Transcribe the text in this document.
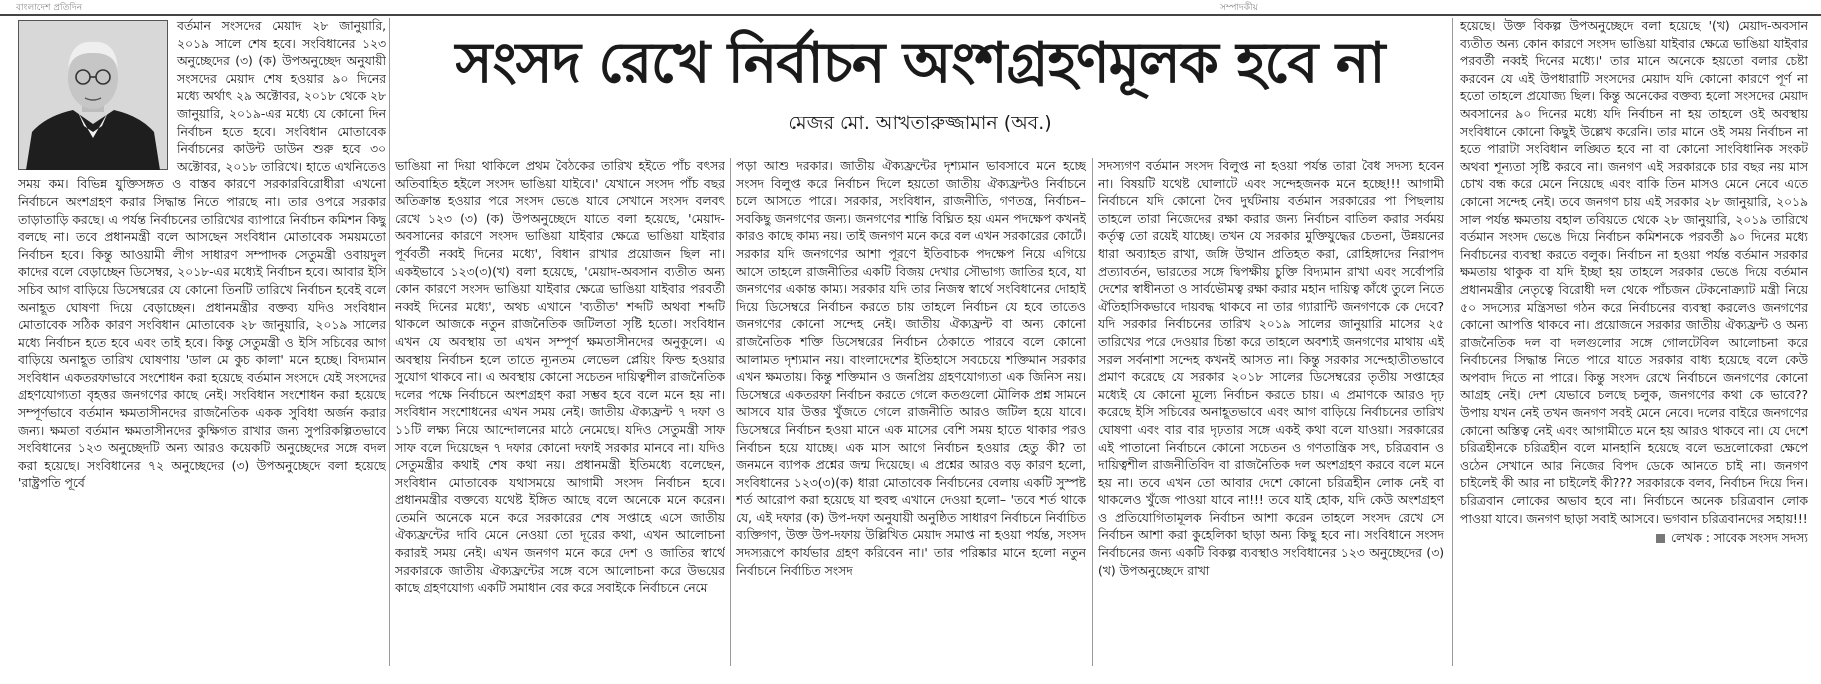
বাংলাদেশ প্রতিদিন	সম্পাদকীয়

বর্তমান সংসদের মেয়াদ ২৮ জানুয়ারি, ২০১৯ সালে শেষ হবে। সংবিধানের ১২৩ অনুচ্ছেদের (৩) (ক) উপঅনুচ্ছেদ অনুযায়ী সংসদের মেয়াদ শেষ হওয়ার ৯০ দিনের মধ্যে অর্থাৎ ২৯ অক্টোবর, ২০১৮ থেকে ২৮ জানুয়ারি, ২০১৯-এর মধ্যে যে কোনো দিন নির্বাচন হতে হবে। সংবিধান মোতাবেক নির্বাচনের কাউন্ট ডাউন শুরু হবে ৩০ অক্টোবর, ২০১৮ তারিখে। হাতে এখনিতেও সময় কম। বিভিন্ন যুক্তিসঙ্গত ও বাস্তব কারণে সরকারবিরোধীরা এখনো নির্বাচনে অংশগ্রহণ করার সিদ্ধান্ত নিতে পারছে না। তার ওপরে সরকার তাড়াতাড়ি করছে। এ পর্যন্ত নির্বাচনের তারিখের ব্যাপারে নির্বাচন কমিশন কিছু বলছে না। তবে প্রধানমন্ত্রী বলে আসছেন সংবিধান মোতাবেক সময়মতো নির্বাচন হবে। কিন্তু আওয়ামী লীগ সাধারণ সম্পাদক সেতুমন্ত্রী ওবায়দুল কাদের বলে বেড়াচ্ছেন ডিসেম্বর, ২০১৮-এর মধ্যেই নির্বাচন হবে। আবার ইসি সচিব আগ বাড়িয়ে ডিসেম্বরের যে কোনো তিনটি তারিখে নির্বাচন হবেই বলে অনাহূত ঘোষণা দিয়ে বেড়াচ্ছেন। প্রধানমন্ত্রীর বক্তব্য যদিও সংবিধান মোতাবেক সঠিক কারণ সংবিধান মোতাবেক ২৮ জানুয়ারি, ২০১৯ সালের মধ্যে নির্বাচন হতে হবে এবং তাই হবে। কিন্তু সেতুমন্ত্রী ও ইসি সচিবের আগ বাড়িয়ে অনাহূত তারিখ ঘোষণায় 'ডাল মে কুচ কালা' মনে হচ্ছে। বিদ্যমান সংবিধান একতরফাভাবে সংশোধন করা হয়েছে বর্তমান সংসদে যেই সংসদের গ্রহণযোগ্যতা বৃহত্তর জনগণের কাছে নেই। সংবিধান সংশোধন করা হয়েছে সম্পূর্ণভাবে বর্তমান ক্ষমতাসীনদের রাজনৈতিক একক সুবিধা অর্জন করার জন্য। ক্ষমতা বর্তমান ক্ষমতাসীনদের কুক্ষিগত রাখার জন্য সুপরিকল্পিতভাবে সংবিধানের ১২৩ অনুচ্ছেদটি অন্য আরও কয়েকটি অনুচ্ছেদের সঙ্গে বদল করা হয়েছে। সংবিধানের ৭২ অনুচ্ছেদের (৩) উপঅনুচ্ছেদে বলা হয়েছে 'রাষ্ট্রপতি পূর্বে

সংসদ রেখে নির্বাচন অংশগ্রহণমূলক হবে না
মেজর মো. আখতারুজ্জামান (অব.)

ভাঙিয়া না দিয়া থাকিলে প্রথম বৈঠকের তারিখ হইতে পাঁচ বৎসর অতিবাহিত হইলে সংসদ ভাঙিয়া যাইবে।' যেখানে সংসদ পাঁচ বছর অতিক্রান্ত হওয়ার পরে সংসদ ভেঙে যাবে সেখানে সংসদ বলবৎ রেখে ১২৩ (৩) (ক) উপঅনুচ্ছেদে যাতে বলা হয়েছে, 'মেয়াদ-অবসানের কারণে সংসদ ভাঙিয়া যাইবার ক্ষেত্রে ভাঙিয়া যাইবার পূর্ববর্তী নব্বই দিনের মধ্যে', বিধান রাখার প্রয়োজন ছিল না। একইভাবে ১২৩(৩)(খ) বলা হয়েছে, 'মেয়াদ-অবসান ব্যতীত অন্য কোন কারণে সংসদ ভাঙিয়া যাইবার ক্ষেত্রে ভাঙিয়া যাইবার পরবর্তী নব্বই দিনের মধ্যে', অথচ এখানে 'ব্যতীত' শব্দটি অথবা শব্দটি থাকলে আজকে নতুন রাজনৈতিক জটিলতা সৃষ্টি হতো। সংবিধান এখন যে অবস্থায় তা এখন সম্পূর্ণ ক্ষমতাসীনদের অনুকূলে। এ অবস্থায় নির্বাচন হলে তাতে ন্যূনতম লেভেল প্লেয়িং ফিল্ড হওয়ার সুযোগ থাকবে না। এ অবস্থায় কোনো সচেতন দায়িত্বশীল রাজনৈতিক দলের পক্ষে নির্বাচনে অংশগ্রহণ করা সম্ভব হবে বলে মনে হয় না। সংবিধান সংশোধনের এখন সময় নেই। জাতীয় ঐক্যফ্রন্ট ৭ দফা ও ১১টি লক্ষ্য নিয়ে আন্দোলনের মাঠে নেমেছে। যদিও সেতুমন্ত্রী সাফ সাফ বলে দিয়েছেন ৭ দফার কোনো দফাই সরকার মানবে না। যদিও সেতুমন্ত্রীর কথাই শেষ কথা নয়। প্রধানমন্ত্রী ইতিমধ্যে বলেছেন, সংবিধান মোতাবেক যথাসময়ে আগামী সংসদ নির্বাচন হবে। প্রধানমন্ত্রীর বক্তব্যে যথেষ্ট ইঙ্গিত আছে বলে অনেকে মনে করেন। তেমনি অনেকে মনে করে সরকারের শেষ সপ্তাহে এসে জাতীয় ঐক্যফ্রন্টের দাবি মেনে নেওয়া তো দূরের কথা, এখন আলোচনা করারই সময় নেই। এখন জনগণ মনে করে দেশ ও জাতির স্বার্থে সরকারকে জাতীয় ঐক্যফ্রন্টের সঙ্গে বসে আলোচনা করে উভয়ের কাছে গ্রহণযোগ্য একটি সমাধান বের করে সবাইকে নির্বাচনে নেমে

পড়া আশু দরকার। জাতীয় ঐক্যফ্রন্টের দৃশ্যমান ভাবসাবে মনে হচ্ছে সংসদ বিলুপ্ত করে নির্বাচন দিলে হয়তো জাতীয় ঐক্যফ্রন্টও নির্বাচনে চলে আসতে পারে। সরকার, সংবিধান, রাজনীতি, গণতন্ত্র, নির্বাচন– সবকিছু জনগণের জন্য। জনগণের শান্তি বিঘ্নিত হয় এমন পদক্ষেপ কখনই কারও কাছে কাম্য নয়। তাই জনগণ মনে করে বল এখন সরকারের কোর্টে। সরকার যদি জনগণের আশা পূরণে ইতিবাচক পদক্ষেপ নিয়ে এগিয়ে আসে তাহলে রাজনীতির একটি বিজয় দেখার সৌভাগ্য জাতির হবে, যা জনগণের একান্ত কাম্য। সরকার যদি তার নিজস্ব স্বার্থে সংবিধানের দোহাই দিয়ে ডিসেম্বরে নির্বাচন করতে চায় তাহলে নির্বাচন যে হবে তাতেও জনগণের কোনো সন্দেহ নেই। জাতীয় ঐক্যফ্রন্ট বা অন্য কোনো রাজনৈতিক শক্তি ডিসেম্বরের নির্বাচন ঠেকাতে পারবে বলে কোনো আলামত দৃশ্যমান নয়। বাংলাদেশের ইতিহাসে সবচেয়ে শক্তিমান সরকার এখন ক্ষমতায়। কিন্তু শক্তিমান ও জনপ্রিয় গ্রহণযোগ্যতা এক জিনিস নয়। ডিসেম্বরে একতরফা নির্বাচন করতে গেলে কতগুলো মৌলিক প্রশ্ন সামনে আসবে যার উত্তর খুঁজতে গেলে রাজনীতি আরও জটিল হয়ে যাবে। ডিসেম্বরে নির্বাচন হওয়া মানে এক মাসের বেশি সময় হাতে থাকার পরও নির্বাচন হয়ে যাচ্ছে। এক মাস আগে নির্বাচন হওয়ার হেতু কী? তা জনমনে ব্যাপক প্রশ্নের জন্ম দিয়েছে। এ প্রশ্নের আরও বড় কারণ হলো, সংবিধানের ১২৩(৩)(ক) ধারা মোতাবেক নির্বাচনের বেলায় একটি সুস্পষ্ট শর্ত আরোপ করা হয়েছে যা হুবহু এখানে দেওয়া হলো– 'তবে শর্ত থাকে যে, এই দফার (ক) উপ-দফা অনুযায়ী অনুষ্ঠিত সাধারণ নির্বাচনে নির্বাচিত ব্যক্তিগণ, উক্ত উপ-দফায় উল্লিখিত মেয়াদ সমাপ্ত না হওয়া পর্যন্ত, সংসদ সদস্যরূপে কার্যভার গ্রহণ করিবেন না।' তার পরিষ্কার মানে হলো নতুন নির্বাচনে নির্বাচিত সংসদ

সদস্যগণ বর্তমান সংসদ বিলুপ্ত না হওয়া পর্যন্ত তারা বৈধ সদস্য হবেন না। বিষয়টি যথেষ্ট ঘোলাটে এবং সন্দেহজনক মনে হচ্ছে!!! আগামী নির্বাচনে যদি কোনো দৈব দুর্ঘটনায় বর্তমান সরকারের পা পিছলায় তাহলে তারা নিজেদের রক্ষা করার জন্য নির্বাচন বাতিল করার সর্বময় কর্তৃত্ব তো রয়েই যাচ্ছে। তখন যে সরকার মুক্তিযুদ্ধের চেতনা, উন্নয়নের ধারা অব্যাহত রাখা, জঙ্গি উত্থান প্রতিহত করা, রোহিঙ্গাদের নিরাপদ প্রত্যাবর্তন, ভারতের সঙ্গে দ্বিপক্ষীয় চুক্তি বিদ্যমান রাখা এবং সর্বোপরি দেশের স্বাধীনতা ও সার্বভৌমত্ব রক্ষা করার মহান দায়িত্ব কাঁধে তুলে নিতে ঐতিহাসিকভাবে দায়বদ্ধ থাকবে না তার গ্যারান্টি জনগণকে কে দেবে? যদি সরকার নির্বাচনের তারিখ ২০১৯ সালের জানুয়ারি মাসের ২৫ তারিখের পরে দেওয়ার চিন্তা করে তাহলে অবশ্যই জনগণের মাথায় এই সরল সর্বনাশা সন্দেহ কখনই আসত না। কিন্তু সরকার সন্দেহাতীতভাবে প্রমাণ করেছে যে সরকার ২০১৮ সালের ডিসেম্বরের তৃতীয় সপ্তাহের মধ্যেই যে কোনো মূল্যে নির্বাচন করতে চায়। এ প্রমাণকে আরও দৃঢ় করেছে ইসি সচিবের অনাহূতভাবে এবং আগ বাড়িয়ে নির্বাচনের তারিখ ঘোষণা এবং বার বার দৃঢ়তার সঙ্গে একই কথা বলে যাওয়া। সরকারের এই পাতানো নির্বাচনে কোনো সচেতন ও গণতান্ত্রিক সৎ, চরিত্রবান ও দায়িত্বশীল রাজনীতিবিদ বা রাজনৈতিক দল অংশগ্রহণ করবে বলে মনে হয় না। তবে এখন তো আবার দেশে কোনো চরিত্রহীন লোক নেই বা থাকলেও খুঁজে পাওয়া যাবে না!!! তবে যাই হোক, যদি কেউ অংশগ্রহণ ও প্রতিযোগিতামূলক নির্বাচন আশা করেন তাহলে সংসদ রেখে সে নির্বাচন আশা করা কুহেলিকা ছাড়া অন্য কিছু হবে না। সংবিধানে সংসদ নির্বাচনের জন্য একটি বিকল্প ব্যবস্থাও সংবিধানের ১২৩ অনুচ্ছেদের (৩)(খ) উপঅনুচ্ছেদে রাখা

হয়েছে। উক্ত বিকল্প উপঅনুচ্ছেদে বলা হয়েছে '(খ) মেয়াদ-অবসান ব্যতীত অন্য কোন কারণে সংসদ ভাঙিয়া যাইবার ক্ষেত্রে ভাঙিয়া যাইবার পরবর্তী নব্বই দিনের মধ্যে।' তার মানে অনেকে হয়তো বলার চেষ্টা করবেন যে এই উপধারাটি সংসদের মেয়াদ যদি কোনো কারণে পূর্ণ না হতো তাহলে প্রযোজ্য ছিল। কিন্তু অনেকের বক্তব্য হলো সংসদের মেয়াদ অবসানের ৯০ দিনের মধ্যে যদি নির্বাচন না হয় তাহলে ওই অবস্থায় সংবিধানে কোনো কিছুই উল্লেখ করেনি। তার মানে ওই সময় নির্বাচন না হতে পারাটা সংবিধান লঙ্ঘিত হবে না বা কোনো সাংবিধানিক সংকট অথবা শূন্যতা সৃষ্টি করবে না। জনগণ এই সরকারকে চার বছর নয় মাস চোখ বন্ধ করে মেনে নিয়েছে এবং বাকি তিন মাসও মেনে নেবে এতে কোনো সন্দেহ নেই। তবে জনগণ চায় এই সরকার ২৮ জানুয়ারি, ২০১৯ সাল পর্যন্ত ক্ষমতায় বহাল তবিয়তে থেকে ২৮ জানুয়ারি, ২০১৯ তারিখে বর্তমান সংসদ ভেঙে দিয়ে নির্বাচন কমিশনকে পরবর্তী ৯০ দিনের মধ্যে নির্বাচনের ব্যবস্থা করতে বলুক। নির্বাচন না হওয়া পর্যন্ত বর্তমান সরকার ক্ষমতায় থাকুক বা যদি ইচ্ছা হয় তাহলে সরকার ভেঙে দিয়ে বর্তমান প্রধানমন্ত্রীর নেতৃত্বে বিরোধী দল থেকে পাঁচজন টেকনোক্র্যাট মন্ত্রী নিয়ে ৫০ সদস্যের মন্ত্রিসভা গঠন করে নির্বাচনের ব্যবস্থা করলেও জনগণের কোনো আপত্তি থাকবে না। প্রয়োজনে সরকার জাতীয় ঐক্যফ্রন্ট ও অন্য রাজনৈতিক দল বা দলগুলোর সঙ্গে গোলটেবিল আলোচনা করে নির্বাচনের সিদ্ধান্ত নিতে পারে যাতে সরকার বাধ্য হয়েছে বলে কেউ অপবাদ দিতে না পারে। কিন্তু সংসদ রেখে নির্বাচনে জনগণের কোনো আগ্রহ নেই। দেশ যেভাবে চলছে চলুক, জনগণের কথা কে ভাবে?? উপায় যখন নেই তখন জনগণ সবই মেনে নেবে। দলের বাইরে জনগণের কোনো অস্তিত্ব নেই এবং আগামীতে মনে হয় আরও থাকবে না। যে দেশে চরিত্রহীনকে চরিত্রহীন বলে মানহানি হয়েছে বলে ভদ্রলোকেরা ক্ষেপে ওঠেন সেখানে আর নিজের বিপদ ডেকে আনতে চাই না। জনগণ চাইলেই কী আর না চাইলেই কী??? সরকারকে বলব, নির্বাচন দিয়ে দিন। চরিত্রবান লোকের অভাব হবে না। নির্বাচনে অনেক চরিত্রবান লোক পাওয়া যাবে। জনগণ ছাড়া সবাই আসবে। ভগবান চরিত্রবানদের সহায়!!!

লেখক : সাবেক সংসদ সদস্য
